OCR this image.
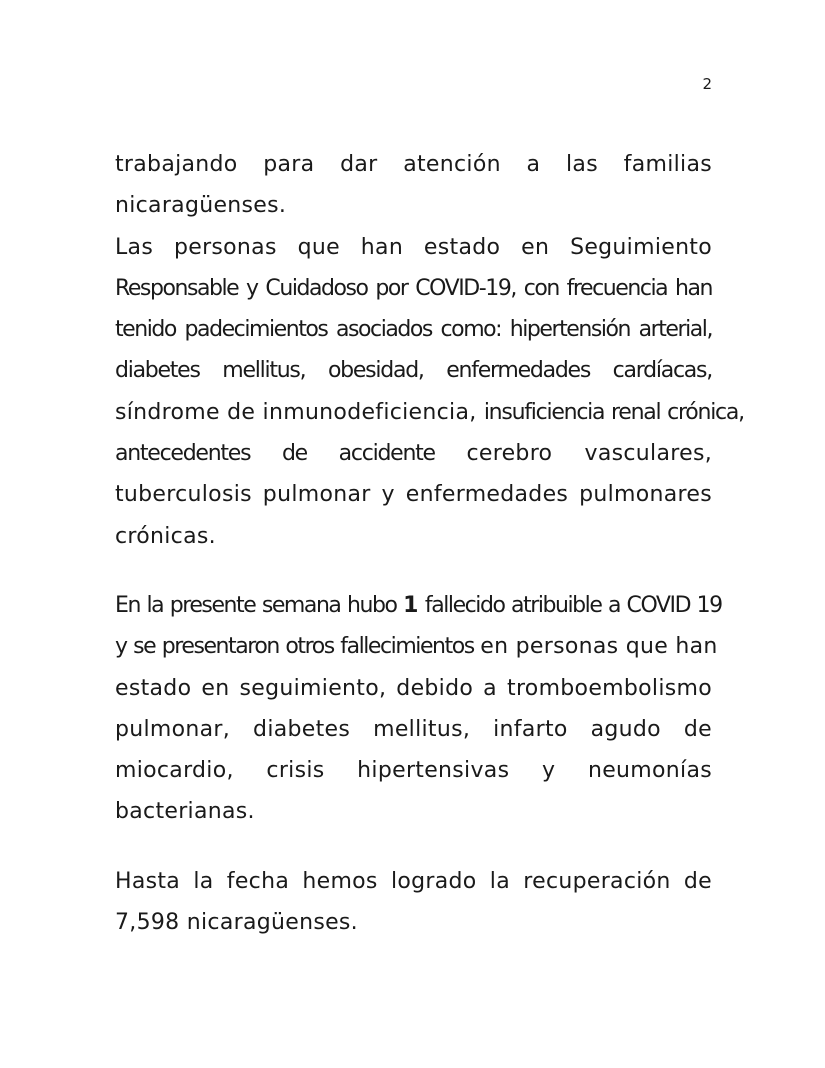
2

trabajando para dar atención a las familias
nicaragüenses.

Las personas que han estado en Seguimiento
Responsable y Cuidadoso por COVID-19, con frecuencia han
tenido padecimientos asociados como: hipertensión arterial,
diabetes mellitus, obesidad, enfermedades cardíacas,
síndrome de inmunodeficiencia, insuficiencia renal crónica,
antecedentes de accidente cerebro vasculares,
tuberculosis pulmonar y enfermedades pulmonares
crónicas.

En la presente semana hubo 1 fallecido atribuible a COVID 19
y se presentaron otros fallecimientos en personas que han
estado en seguimiento, debido a tromboembolismo
pulmonar, diabetes mellitus, infarto agudo de
miocardio, crisis hipertensivas y neumonías
bacterianas.

Hasta la fecha hemos logrado la recuperación de
7,598 nicaragüenses.
